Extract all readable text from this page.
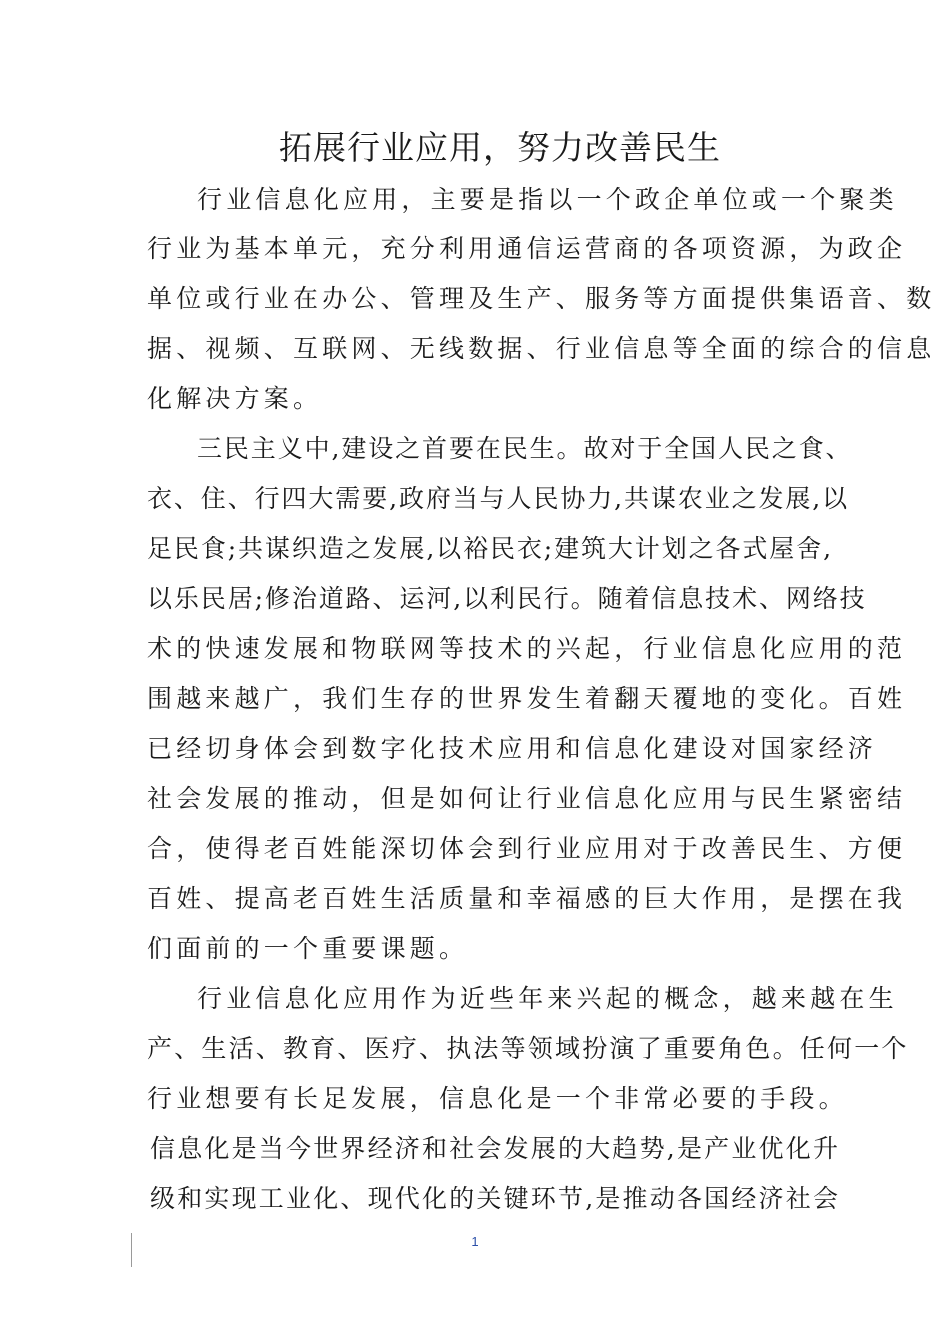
拓展行业应用，努力改善民生
行业信息化应用，主要是指以一个政企单位或一个聚类
行业为基本单元，充分利用通信运营商的各项资源，为政企
单位或行业在办公、管理及生产、服务等方面提供集语音、数
据、视频、互联网、无线数据、行业信息等全面的综合的信息
化解决方案。
三民主义中,建设之首要在民生。故对于全国人民之食、
衣、住、行四大需要,政府当与人民协力,共谋农业之发展,以
足民食;共谋织造之发展,以裕民衣;建筑大计划之各式屋舍,
以乐民居;修治道路、运河,以利民行。随着信息技术、网络技
术的快速发展和物联网等技术的兴起，行业信息化应用的范
围越来越广，我们生存的世界发生着翻天覆地的变化。百姓
已经切身体会到数字化技术应用和信息化建设对国家经济
社会发展的推动，但是如何让行业信息化应用与民生紧密结
合，使得老百姓能深切体会到行业应用对于改善民生、方便
百姓、提高老百姓生活质量和幸福感的巨大作用，是摆在我
们面前的一个重要课题。
行业信息化应用作为近些年来兴起的概念，越来越在生
产、生活、教育、医疗、执法等领域扮演了重要角色。任何一个
行业想要有长足发展，信息化是一个非常必要的手段。
信息化是当今世界经济和社会发展的大趋势,是产业优化升
级和实现工业化、现代化的关键环节,是推动各国经济社会
1
